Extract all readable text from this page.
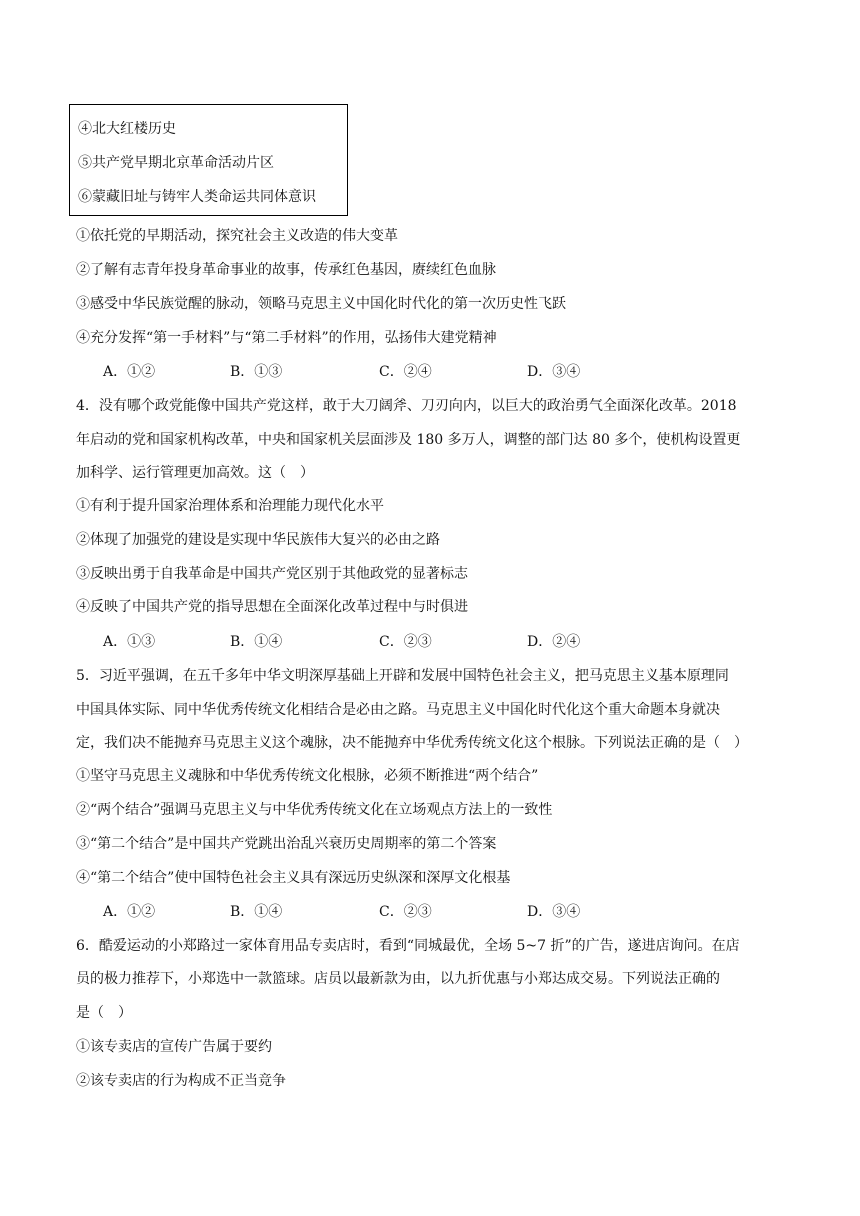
④北大红楼历史
⑤共产党早期北京革命活动片区
⑥蒙藏旧址与铸牢人类命运共同体意识
①依托党的早期活动，探究社会主义改造的伟大变革
②了解有志青年投身革命事业的故事，传承红色基因，赓续红色血脉
③感受中华民族觉醒的脉动，领略马克思主义中国化时代化的第一次历史性飞跃
④充分发挥“第一手材料”与“第二手材料”的作用，弘扬伟大建党精神
A．①②	B．①③	C．②④	D．③④
4．没有哪个政党能像中国共产党这样，敢于大刀阔斧、刀刃向内，以巨大的政治勇气全面深化改革。2018
年启动的党和国家机构改革，中央和国家机关层面涉及 180 多万人，调整的部门达 80 多个，使机构设置更
加科学、运行管理更加高效。这（　）
①有利于提升国家治理体系和治理能力现代化水平
②体现了加强党的建设是实现中华民族伟大复兴的必由之路
③反映出勇于自我革命是中国共产党区别于其他政党的显著标志
④反映了中国共产党的指导思想在全面深化改革过程中与时俱进
A．①③	B．①④	C．②③	D．②④
5．习近平强调，在五千多年中华文明深厚基础上开辟和发展中国特色社会主义，把马克思主义基本原理同
中国具体实际、同中华优秀传统文化相结合是必由之路。马克思主义中国化时代化这个重大命题本身就决
定，我们决不能抛弃马克思主义这个魂脉，决不能抛弃中华优秀传统文化这个根脉。下列说法正确的是（　）
①坚守马克思主义魂脉和中华优秀传统文化根脉，必须不断推进“两个结合”
②“两个结合”强调马克思主义与中华优秀传统文化在立场观点方法上的一致性
③“第二个结合”是中国共产党跳出治乱兴衰历史周期率的第二个答案
④“第二个结合”使中国特色社会主义具有深远历史纵深和深厚文化根基
A．①②	B．①④	C．②③	D．③④
6．酷爱运动的小郑路过一家体育用品专卖店时，看到“同城最优，全场 5~7 折”的广告，遂进店询问。在店
员的极力推荐下，小郑选中一款篮球。店员以最新款为由，以九折优惠与小郑达成交易。下列说法正确的
是（　）
①该专卖店的宣传广告属于要约
②该专卖店的行为构成不正当竞争
